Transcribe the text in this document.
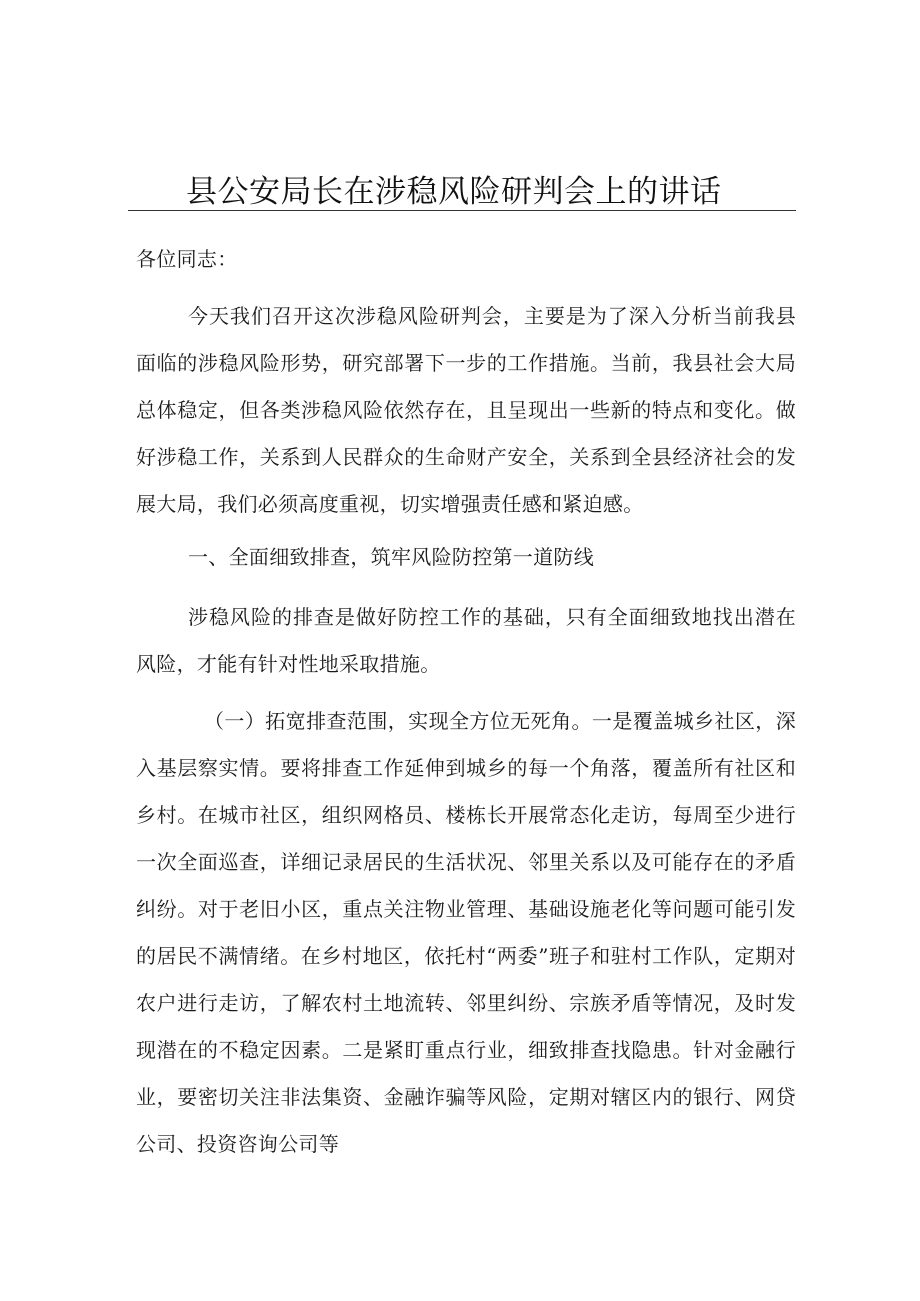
县公安局长在涉稳风险研判会上的讲话

各位同志：

今天我们召开这次涉稳风险研判会，主要是为了深入分析当前我县面临的涉稳风险形势，研究部署下一步的工作措施。当前，我县社会大局总体稳定，但各类涉稳风险依然存在，且呈现出一些新的特点和变化。做好涉稳工作，关系到人民群众的生命财产安全，关系到全县经济社会的发展大局，我们必须高度重视，切实增强责任感和紧迫感。

一、全面细致排查，筑牢风险防控第一道防线

涉稳风险的排查是做好防控工作的基础，只有全面细致地找出潜在风险，才能有针对性地采取措施。

（一）拓宽排查范围，实现全方位无死角。一是覆盖城乡社区，深入基层察实情。要将排查工作延伸到城乡的每一个角落，覆盖所有社区和乡村。在城市社区，组织网格员、楼栋长开展常态化走访，每周至少进行一次全面巡查，详细记录居民的生活状况、邻里关系以及可能存在的矛盾纠纷。对于老旧小区，重点关注物业管理、基础设施老化等问题可能引发的居民不满情绪。在乡村地区，依托村“两委”班子和驻村工作队，定期对农户进行走访，了解农村土地流转、邻里纠纷、宗族矛盾等情况，及时发现潜在的不稳定因素。二是紧盯重点行业，细致排查找隐患。针对金融行业，要密切关注非法集资、金融诈骗等风险，定期对辖区内的银行、网贷公司、投资咨询公司等
